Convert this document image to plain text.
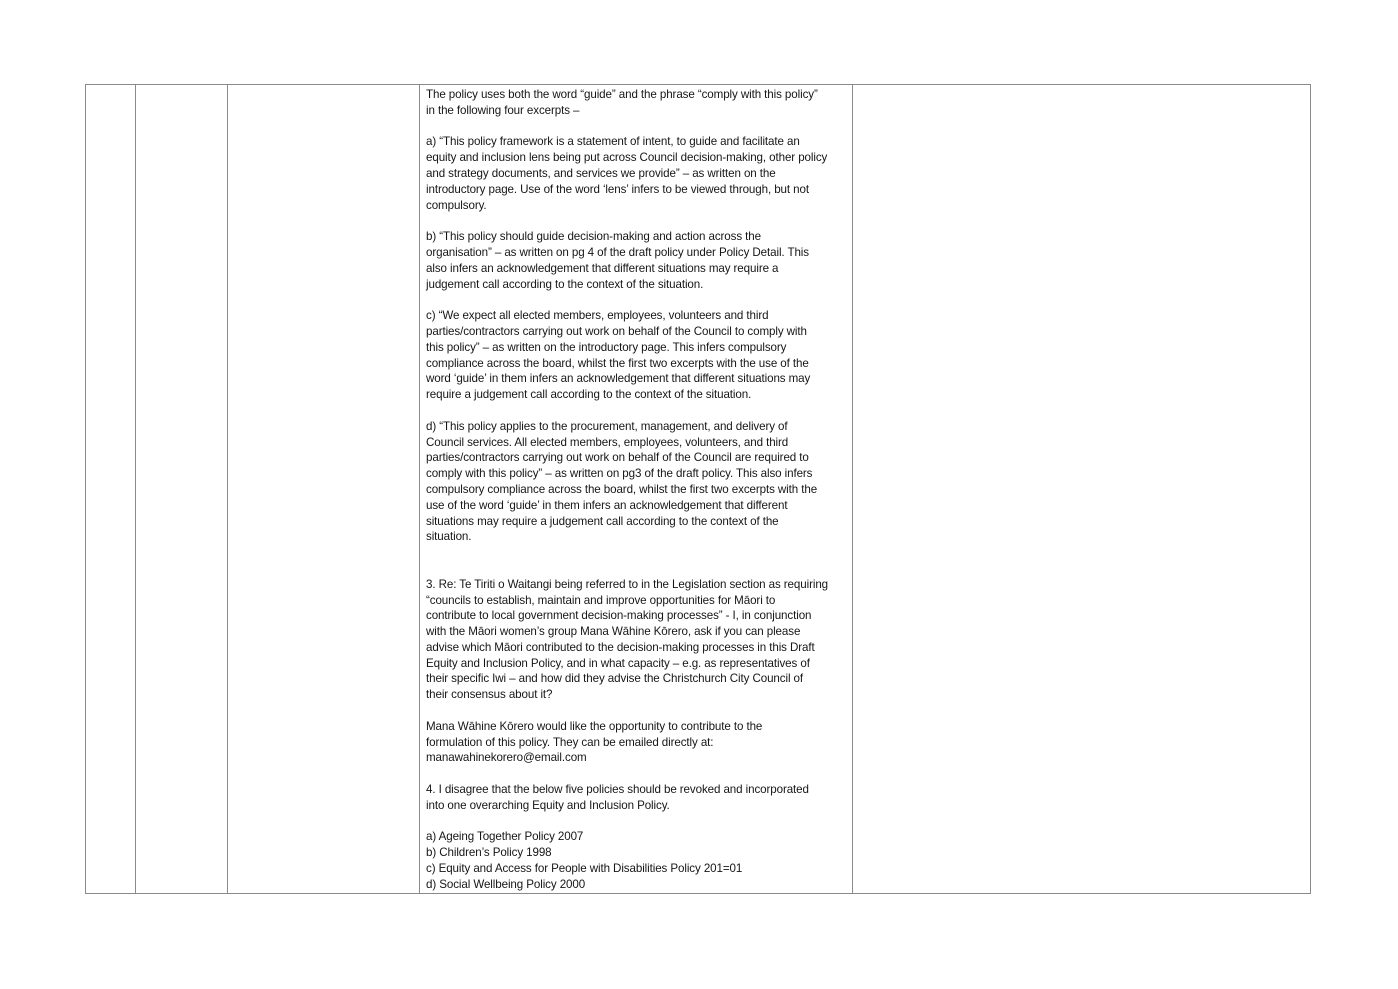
The policy uses both the word “guide” and the phrase “comply with this policy”
in the following four excerpts –

a) “This policy framework is a statement of intent, to guide and facilitate an
equity and inclusion lens being put across Council decision-making, other policy
and strategy documents, and services we provide” – as written on the
introductory page. Use of the word ‘lens’ infers to be viewed through, but not
compulsory.

b) “This policy should guide decision-making and action across the
organisation” – as written on pg 4 of the draft policy under Policy Detail. This
also infers an acknowledgement that different situations may require a
judgement call according to the context of the situation.

c) “We expect all elected members, employees, volunteers and third
parties/contractors carrying out work on behalf of the Council to comply with
this policy” – as written on the introductory page. This infers compulsory
compliance across the board, whilst the first two excerpts with the use of the
word ‘guide’ in them infers an acknowledgement that different situations may
require a judgement call according to the context of the situation.

d) “This policy applies to the procurement, management, and delivery of
Council services. All elected members, employees, volunteers, and third
parties/contractors carrying out work on behalf of the Council are required to
comply with this policy” – as written on pg3 of the draft policy. This also infers
compulsory compliance across the board, whilst the first two excerpts with the
use of the word ‘guide’ in them infers an acknowledgement that different
situations may require a judgement call according to the context of the
situation.

3. Re: Te Tiriti o Waitangi being referred to in the Legislation section as requiring
“councils to establish, maintain and improve opportunities for Māori to
contribute to local government decision-making processes” - I, in conjunction
with the Māori women’s group Mana Wāhine Kōrero, ask if you can please
advise which Māori contributed to the decision-making processes in this Draft
Equity and Inclusion Policy, and in what capacity – e.g. as representatives of
their specific Iwi – and how did they advise the Christchurch City Council of
their consensus about it?

Mana Wāhine Kōrero would like the opportunity to contribute to the
formulation of this policy. They can be emailed directly at:
manawahinekorero@email.com

4. I disagree that the below five policies should be revoked and incorporated
into one overarching Equity and Inclusion Policy.

a) Ageing Together Policy 2007
b) Children’s Policy 1998
c) Equity and Access for People with Disabilities Policy 201=01
d) Social Wellbeing Policy 2000
